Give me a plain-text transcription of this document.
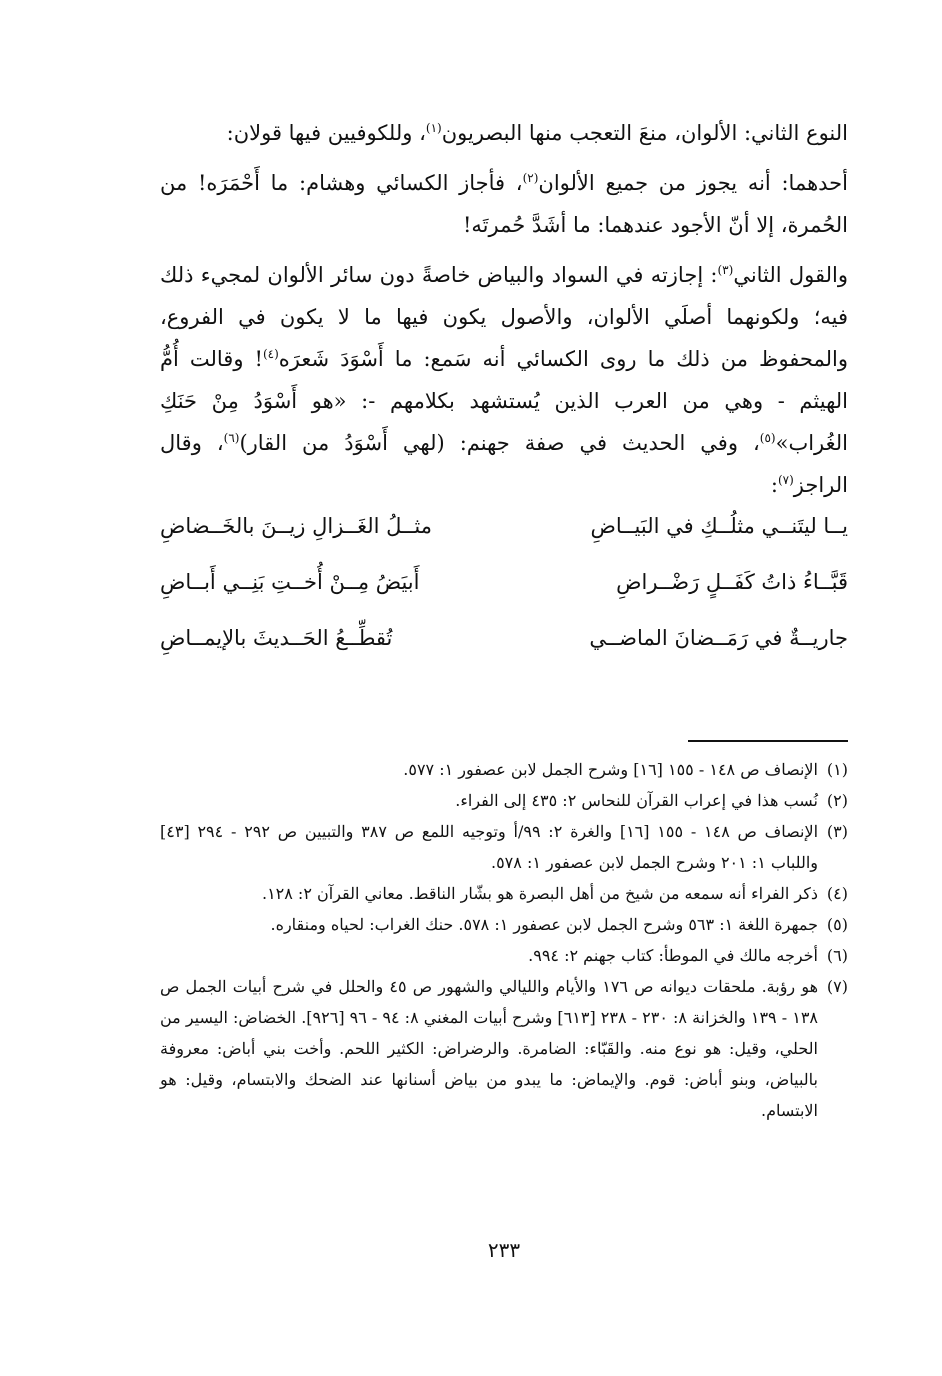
النوع الثاني: الألوان، منعَ التعجب منها البصريون$^{(١)}$، وللكوفيين فيها قولان:

أحدهما: أنه يجوز من جميع الألوان$^{(٢)}$، فأجاز الكسائي وهشام: ما أَحْمَرَه! من الحُمرة، إلا أنّ الأجود عندهما: ما أشَدَّ حُمرتَه!

والقول الثاني$^{(٣)}$: إجازته في السواد والبياض خاصةً دون سائر الألوان لمجيء ذلك فيه؛ ولكونهما أصلَي الألوان، والأصول يكون فيها ما لا يكون في الفروع، والمحفوظ من ذلك ما روى الكسائي أنه سَمع: ما أَسْوَدَ شَعرَه$^{(٤)}$! وقالت أُمُّ الهيثم - وهي من العرب الذين يُستشهد بكلامهم -: «هو أَسْوَدُ مِنْ حَنَكِ الغُراب»$^{(٥)}$، وفي الحديث في صفة جهنم: (لهي أَسْوَدُ من القار)$^{(٦)}$، وقال الراجز$^{(٧)}$:

يــا ليتَنــي مثلُــكِ في البَيــاضِ
مثــلُ الغَــزالِ زيــنَ بالخَــضاضِ
قَبَّــاءُ ذاتُ كَفَــلٍ رَضْــراضِ
أَبيَضُ مِــنْ أُخــتِ بَنِــي أَبــاضِ
جاريــةٌ في رَمَــضانَ الماضــي
تُقطِّــعُ الحَــديثَ بالإيمــاضِ
(١)
الإنصاف ص ١٤٨ - ١٥٥ [١٦] وشرح الجمل لابن عصفور ١: ٥٧٧.
(٢)
نُسب هذا في إعراب القرآن للنحاس ٢: ٤٣٥ إلى الفراء.
(٣)
الإنصاف ص ١٤٨ - ١٥٥ [١٦] والغرة ٢: ٩٩/أ وتوجيه اللمع ص ٣٨٧ والتبيين ص ٢٩٢ - ٢٩٤ [٤٣] واللباب ١: ٢٠١ وشرح الجمل لابن عصفور ١: ٥٧٨.
(٤)
ذكر الفراء أنه سمعه من شيخ من أهل البصرة هو بشّار الناقط. معاني القرآن ٢: ١٢٨.
(٥)
جمهرة اللغة ١: ٥٦٣ وشرح الجمل لابن عصفور ١: ٥٧٨. حنك الغراب: لحياه ومنقاره.
(٦)
أخرجه مالك في الموطأ: كتاب جهنم ٢: ٩٩٤.
(٧)
هو رؤبة. ملحقات ديوانه ص ١٧٦ والأيام والليالي والشهور ص ٤٥ والحلل في شرح أبيات الجمل ص ١٣٨ - ١٣٩ والخزانة ٨: ٢٣٠ - ٢٣٨ [٦١٣] وشرح أبيات المغني ٨: ٩٤ - ٩٦ [٩٢٦]. الخضاض: اليسير من الحلي، وقيل: هو نوع منه. والقَبّاء: الضامرة. والرضراض: الكثير اللحم. وأخت بني أباض: معروفة بالبياض، وبنو أباض: قوم. والإيماض: ما يبدو من بياض أسنانها عند الضحك والابتسام، وقيل: هو الابتسام.
٢٣٣
